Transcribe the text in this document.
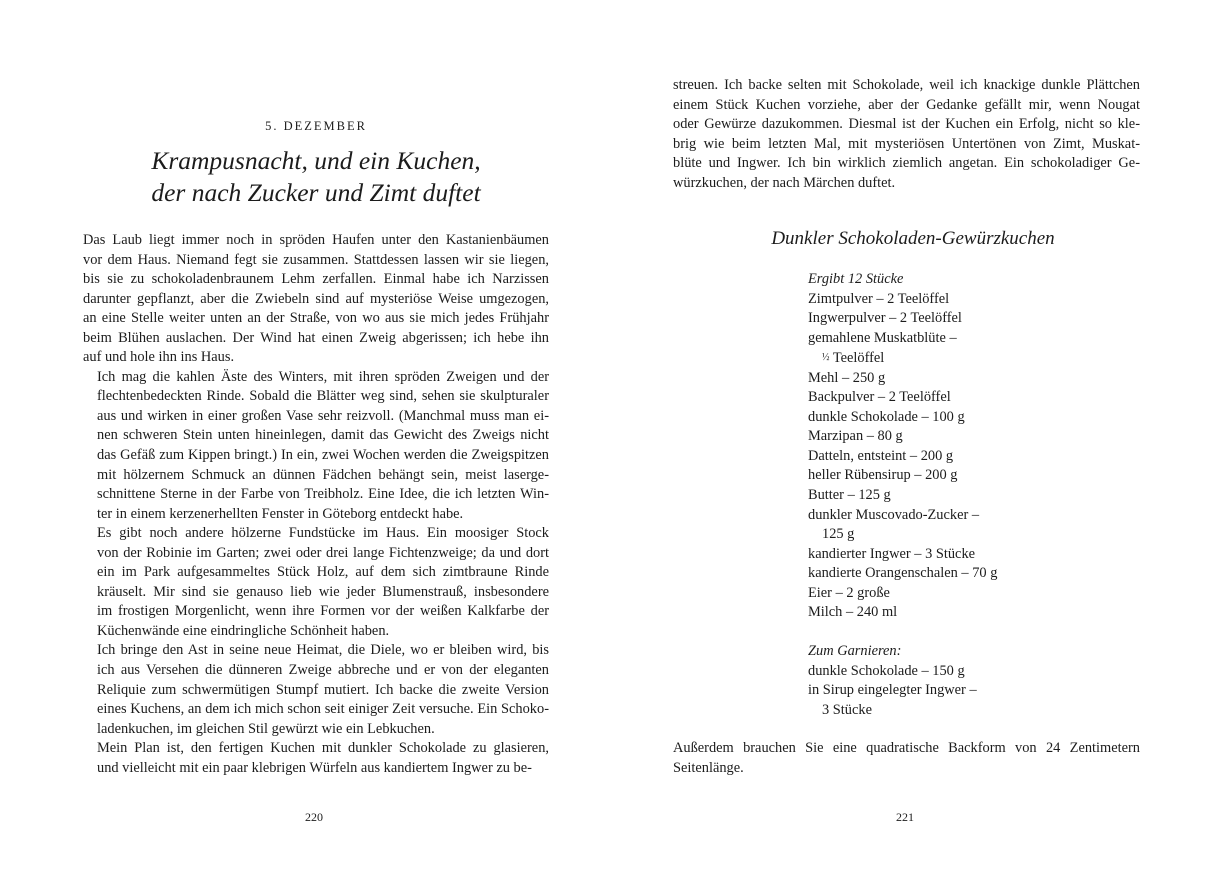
5. DEZEMBER
Krampusnacht, und ein Kuchen,
der nach Zucker und Zimt duftet

Das Laub liegt immer noch in spröden Haufen unter den Kastanienbäumen
vor dem Haus. Niemand fegt sie zusammen. Stattdessen lassen wir sie liegen,
bis sie zu schokoladenbraunem Lehm zerfallen. Einmal habe ich Narzissen
darunter gepflanzt, aber die Zwiebeln sind auf mysteriöse Weise umgezogen,
an eine Stelle weiter unten an der Straße, von wo aus sie mich jedes Frühjahr
beim Blühen auslachen. Der Wind hat einen Zweig abgerissen; ich hebe ihn
auf und hole ihn ins Haus.

Ich mag die kahlen Äste des Winters, mit ihren spröden Zweigen und der
flechtenbedeckten Rinde. Sobald die Blätter weg sind, sehen sie skulpturaler
aus und wirken in einer großen Vase sehr reizvoll. (Manchmal muss man ei-
nen schweren Stein unten hineinlegen, damit das Gewicht des Zweigs nicht
das Gefäß zum Kippen bringt.) In ein, zwei Wochen werden die Zweigspitzen
mit hölzernem Schmuck an dünnen Fädchen behängt sein, meist laserge-
schnittene Sterne in der Farbe von Treibholz. Eine Idee, die ich letzten Win-
ter in einem kerzenerhellten Fenster in Göteborg entdeckt habe.

Es gibt noch andere hölzerne Fundstücke im Haus. Ein moosiger Stock
von der Robinie im Garten; zwei oder drei lange Fichtenzweige; da und dort
ein im Park aufgesammeltes Stück Holz, auf dem sich zimtbraune Rinde
kräuselt. Mir sind sie genauso lieb wie jeder Blumenstrauß, insbesondere
im frostigen Morgenlicht, wenn ihre Formen vor der weißen Kalkfarbe der
Küchenwände eine eindringliche Schönheit haben.

Ich bringe den Ast in seine neue Heimat, die Diele, wo er bleiben wird, bis
ich aus Versehen die dünneren Zweige abbreche und er von der eleganten
Reliquie zum schwermütigen Stumpf mutiert. Ich backe die zweite Version
eines Kuchens, an dem ich mich schon seit einiger Zeit versuche. Ein Schoko-
ladenkuchen, im gleichen Stil gewürzt wie ein Lebkuchen.

Mein Plan ist, den fertigen Kuchen mit dunkler Schokolade zu glasieren,
und vielleicht mit ein paar klebrigen Würfeln aus kandiertem Ingwer zu be-

220

streuen. Ich backe selten mit Schokolade, weil ich knackige dunkle Plättchen
einem Stück Kuchen vorziehe, aber der Gedanke gefällt mir, wenn Nougat
oder Gewürze dazukommen. Diesmal ist der Kuchen ein Erfolg, nicht so kle-
brig wie beim letzten Mal, mit mysteriösen Untertönen von Zimt, Muskat-
blüte und Ingwer. Ich bin wirklich ziemlich angetan. Ein schokoladiger Ge-
würzkuchen, der nach Märchen duftet.

Dunkler Schokoladen-Gewürzkuchen
Ergibt 12 Stücke
Zimtpulver – 2 Teelöffel
Ingwerpulver – 2 Teelöffel
gemahlene Muskatblüte –
½ Teelöffel
Mehl – 250 g
Backpulver – 2 Teelöffel
dunkle Schokolade – 100 g
Marzipan – 80 g
Datteln, entsteint – 200 g
heller Rübensirup – 200 g
Butter – 125 g
dunkler Muscovado-Zucker –
125 g
kandierter Ingwer – 3 Stücke
kandierte Orangenschalen – 70 g
Eier – 2 große
Milch – 240 ml
Zum Garnieren:
dunkle Schokolade – 150 g
in Sirup eingelegter Ingwer –
3 Stücke

Außerdem brauchen Sie eine quadratische Backform von 24 Zentimetern
Seitenlänge.

221
